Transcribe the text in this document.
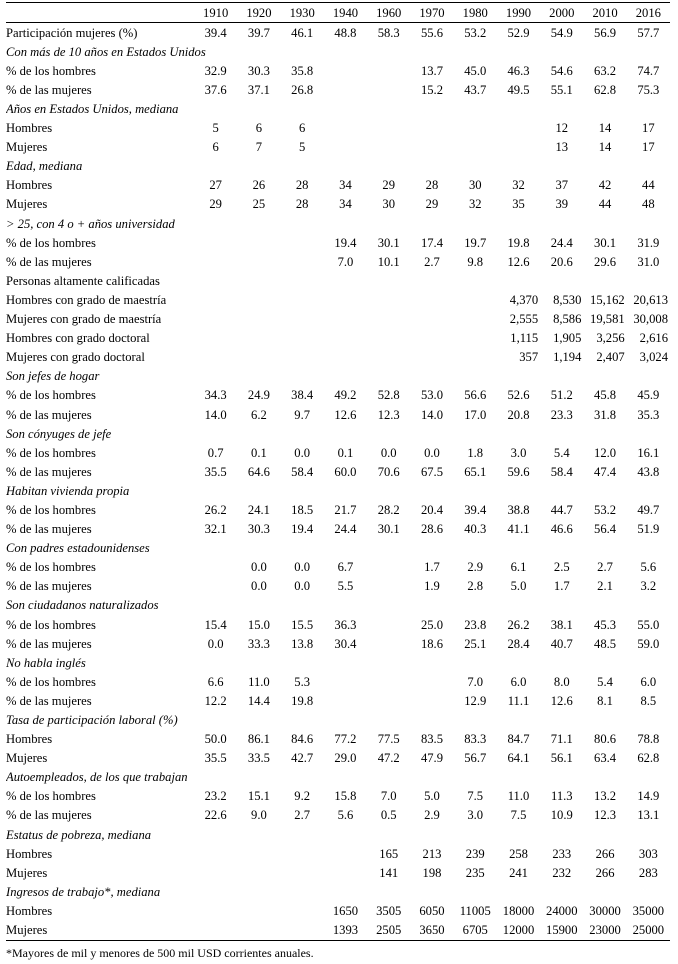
	1910	1920	1930	1940	1960	1970	1980	1990	2000	2010	2016
Participación mujeres (%)	39.4	39.7	46.1	48.8	58.3	55.6	53.2	52.9	54.9	56.9	57.7
Con más de 10 años en Estados Unidos											
% de los hombres	32.9	30.3	35.8			13.7	45.0	46.3	54.6	63.2	74.7
% de las mujeres	37.6	37.1	26.8			15.2	43.7	49.5	55.1	62.8	75.3
Años en Estados Unidos, mediana											
Hombres	5	6	6						12	14	17
Mujeres	6	7	5						13	14	17
Edad, mediana											
Hombres	27	26	28	34	29	28	30	32	37	42	44
Mujeres	29	25	28	34	30	29	32	35	39	44	48
> 25, con 4 o + años universidad											
% de los hombres				19.4	30.1	17.4	19.7	19.8	24.4	30.1	31.9
% de las mujeres				7.0	10.1	2.7	9.8	12.6	20.6	29.6	31.0
Personas altamente calificadas											
Hombres con grado de maestría								4,370	8,530	15,162	20,613
Mujeres con grado de maestría								2,555	8,586	19,581	30,008
Hombres con grado doctoral								1,115	1,905	3,256	2,616
Mujeres con grado doctoral								357	1,194	2,407	3,024
Son jefes de hogar											
% de los hombres	34.3	24.9	38.4	49.2	52.8	53.0	56.6	52.6	51.2	45.8	45.9
% de las mujeres	14.0	6.2	9.7	12.6	12.3	14.0	17.0	20.8	23.3	31.8	35.3
Son cónyuges de jefe											
% de los hombres	0.7	0.1	0.0	0.1	0.0	0.0	1.8	3.0	5.4	12.0	16.1
% de las mujeres	35.5	64.6	58.4	60.0	70.6	67.5	65.1	59.6	58.4	47.4	43.8
Habitan vivienda propia											
% de los hombres	26.2	24.1	18.5	21.7	28.2	20.4	39.4	38.8	44.7	53.2	49.7
% de las mujeres	32.1	30.3	19.4	24.4	30.1	28.6	40.3	41.1	46.6	56.4	51.9
Con padres estadounidenses											
% de los hombres		0.0	0.0	6.7		1.7	2.9	6.1	2.5	2.7	5.6
% de las mujeres		0.0	0.0	5.5		1.9	2.8	5.0	1.7	2.1	3.2
Son ciudadanos naturalizados											
% de los hombres	15.4	15.0	15.5	36.3		25.0	23.8	26.2	38.1	45.3	55.0
% de las mujeres	0.0	33.3	13.8	30.4		18.6	25.1	28.4	40.7	48.5	59.0
No habla inglés											
% de los hombres	6.6	11.0	5.3				7.0	6.0	8.0	5.4	6.0
% de las mujeres	12.2	14.4	19.8				12.9	11.1	12.6	8.1	8.5
Tasa de participación laboral (%)											
Hombres	50.0	86.1	84.6	77.2	77.5	83.5	83.3	84.7	71.1	80.6	78.8
Mujeres	35.5	33.5	42.7	29.0	47.2	47.9	56.7	64.1	56.1	63.4	62.8
Autoempleados, de los que trabajan											
% de los hombres	23.2	15.1	9.2	15.8	7.0	5.0	7.5	11.0	11.3	13.2	14.9
% de las mujeres	22.6	9.0	2.7	5.6	0.5	2.9	3.0	7.5	10.9	12.3	13.1
Estatus de pobreza, mediana											
Hombres					165	213	239	258	233	266	303
Mujeres					141	198	235	241	232	266	283
Ingresos de trabajo*, mediana											
Hombres				1650	3505	6050	11005	18000	24000	30000	35000
Mujeres				1393	2505	3650	6705	12000	15900	23000	25000
*Mayores de mil y menores de 500 mil USD corrientes anuales.
